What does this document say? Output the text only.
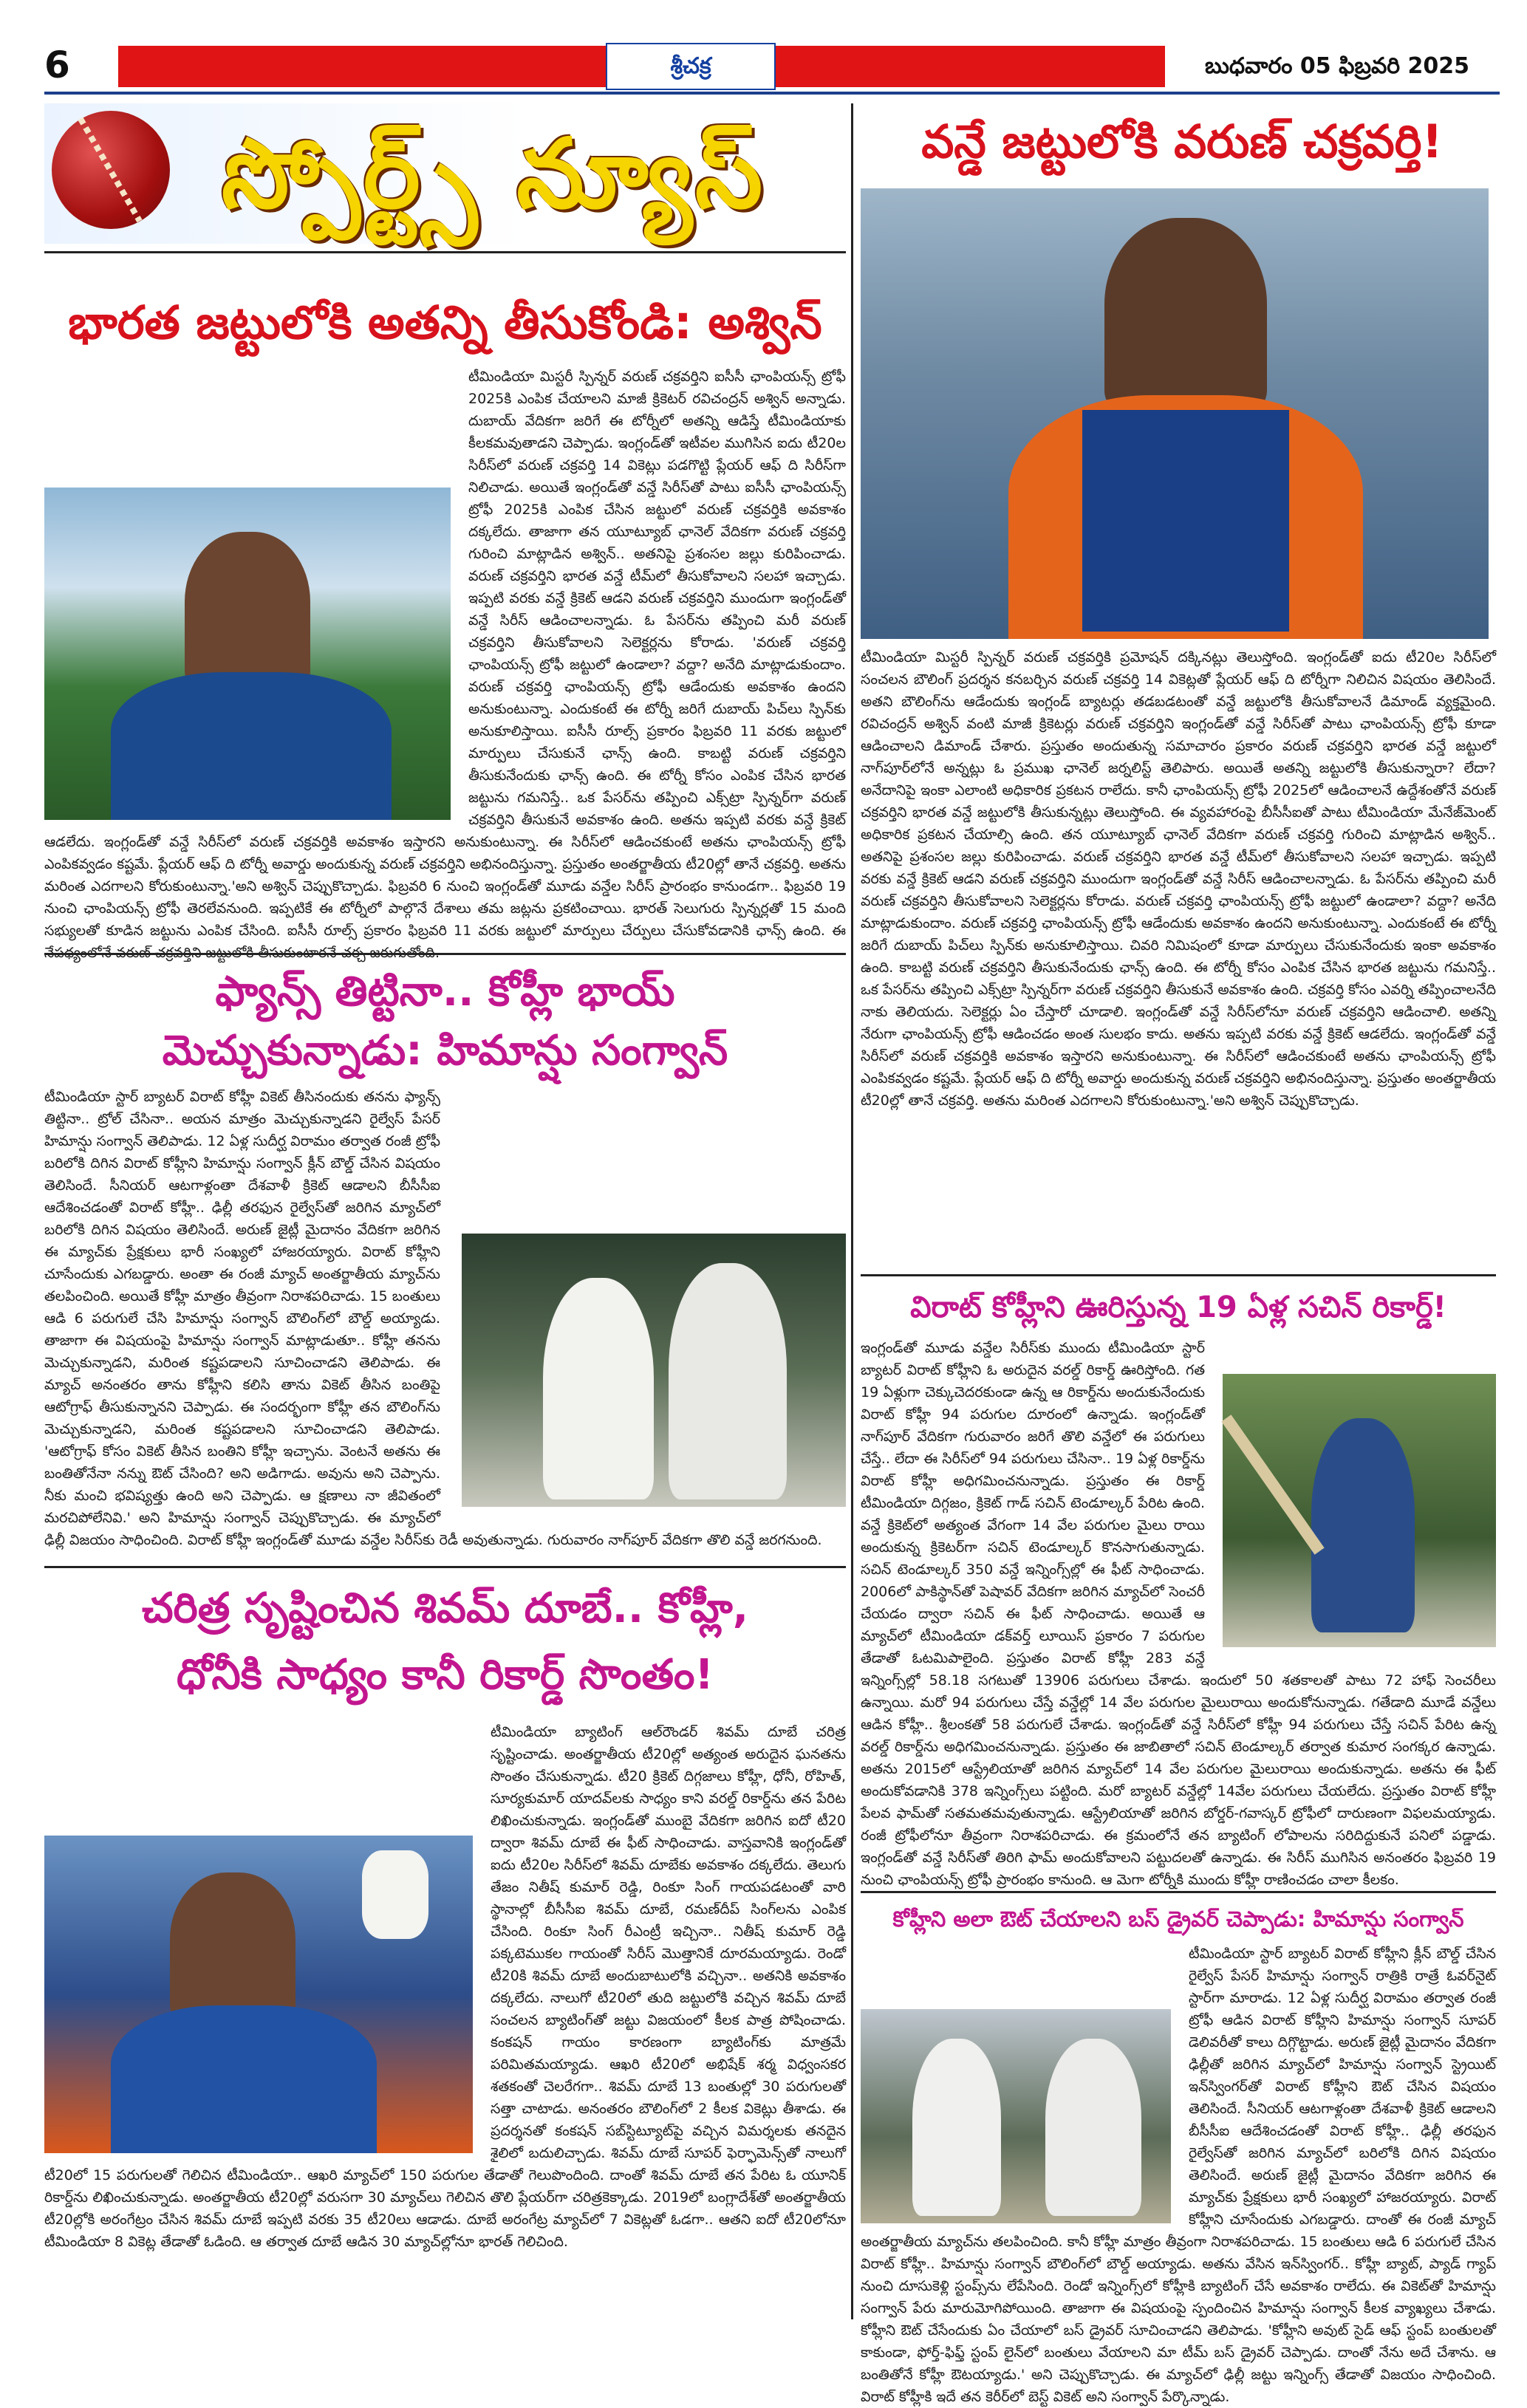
6	శ్రీచక్ర	బుధవారం 05 ఫిబ్రవరి 2025
స్పోర్ట్స్ న్యూస్	వన్డే జట్టులోకి వరుణ్ చక్రవర్తి!
టీమిండియా మిస్టరీ స్పిన్నర్ వరుణ్ చక్రవర్తికి ప్రమోషన్ దక్కినట్లు తెలుస్తోంది. ఇంగ్లండ్‌తో ఐదు టీ20ల సిరీస్‌లో సంచలన బౌలింగ్ ప్రదర్శన కనబర్చిన వరుణ్ చక్రవర్తి 14 వికెట్లతో ప్లేయర్ ఆఫ్ ది టోర్నీగా నిలిచిన విషయం తెలిసిందే. అతని బౌలింగ్‌ను ఆడేందుకు ఇంగ్లండ్ బ్యాటర్లు తడబడటంతో వన్డే జట్టులోకి తీసుకోవాలనే డిమాండ్ వ్యక్తమైంది. రవిచంద్రన్ అశ్విన్ వంటి మాజీ క్రికెటర్లు వరుణ్ చక్రవర్తిని ఇంగ్లండ్‌తో వన్డే సిరీస్‌తో పాటు ఛాంపియన్స్ ట్రోఫీ కూడా ఆడించాలని డిమాండ్ చేశారు. ప్రస్తుతం అందుతున్న సమాచారం ప్రకారం వరుణ్ చక్రవర్తిని భారత వన్డే జట్టులో నాగ్‌పూర్‌లోనే అన్నట్లు ఓ ప్రముఖ ఛానెల్ జర్నలిస్ట్ తెలిపారు. అయితే అతన్ని జట్టులోకి తీసుకున్నారా? లేదా? అనేదానిపై ఇంకా ఎలాంటి అధికారిక ప్రకటన రాలేదు. కానీ ఛాంపియన్స్ ట్రోఫీ 2025లో ఆడించాలనే ఉద్దేశంతోనే వరుణ్ చక్రవర్తిని భారత వన్డే జట్టులోకి తీసుకున్నట్లు తెలుస్తోంది. ఈ వ్యవహారంపై బీసీసీఐతో పాటు టీమిండియా మేనేజ్‌మెంట్ అధికారిక ప్రకటన చేయాల్సి ఉంది. తన యూట్యూబ్ ఛానెల్ వేదికగా వరుణ్ చక్రవర్తి గురించి మాట్లాడిన అశ్విన్.. అతనిపై ప్రశంసల జల్లు కురిపించాడు. వరుణ్ చక్రవర్తిని భారత వన్డే టీమ్‌లో తీసుకోవాలని సలహా ఇచ్చాడు. ఇప్పటి వరకు వన్డే క్రికెట్ ఆడని వరుణ్ చక్రవర్తిని ముందుగా ఇంగ్లండ్‌తో వన్డే సిరీస్ ఆడించాలన్నాడు. ఓ పేసర్‌ను తప్పించి మరీ వరుణ్ చక్రవర్తిని తీసుకోవాలని సెలెక్టర్లను కోరాడు. వరుణ్ చక్రవర్తి ఛాంపియన్స్ ట్రోఫీ జట్టులో ఉండాలా? వద్దా? అనేది మాట్లాడుకుందాం. వరుణ్ చక్రవర్తి ఛాంపియన్స్ ట్రోఫీ ఆడేందుకు అవకాశం ఉందని అనుకుంటున్నా. ఎందుకంటే ఈ టోర్నీ జరిగే దుబాయ్ పిచ్‌లు స్పిన్‌కు అనుకూలిస్తాయి. చివరి నిమిషంలో కూడా మార్పులు చేసుకునేందుకు ఇంకా అవకాశం ఉంది. కాబట్టి వరుణ్ చక్రవర్తిని తీసుకునేందుకు ఛాన్స్ ఉంది. ఈ టోర్నీ కోసం ఎంపిక చేసిన భారత జట్టును గమనిస్తే.. ఒక పేసర్‌ను తప్పించి ఎక్స్‌ట్రా స్పిన్నర్‌గా వరుణ్ చక్రవర్తిని తీసుకునే అవకాశం ఉంది. చక్రవర్తి కోసం ఎవర్ని తప్పించాలనేది నాకు తెలియదు. సెలెక్టర్లు ఏం చేస్తారో చూడాలి. ఇంగ్లండ్‌తో వన్డే సిరీస్‌లోనూ వరుణ్ చక్రవర్తిని ఆడించాలి. అతన్ని నేరుగా ఛాంపియన్స్ ట్రోఫీ ఆడించడం అంత సులభం కాదు. అతను ఇప్పటి వరకు వన్డే క్రికెట్ ఆడలేదు. ఇంగ్లండ్‌తో వన్డే సిరీస్‌లో వరుణ్ చక్రవర్తికి అవకాశం ఇస్తారని అనుకుంటున్నా. ఈ సిరీస్‌లో ఆడించకుంటే అతను ఛాంపియన్స్ ట్రోఫీ ఎంపికవ్వడం కష్టమే. ప్లేయర్ ఆఫ్ ది టోర్నీ అవార్డు అందుకున్న వరుణ్ చక్రవర్తిని అభినందిస్తున్నా. ప్రస్తుతం అంతర్జాతీయ టీ20ల్లో తానే చక్రవర్తి. అతను మరింత ఎదగాలని కోరుకుంటున్నా.'అని అశ్విన్ చెప్పుకొచ్చాడు.
భారత జట్టులోకి అతన్ని తీసుకోండి: అశ్విన్
టీమిండియా మిస్టరీ స్పిన్నర్ వరుణ్ చక్రవర్తిని ఐసీసీ ఛాంపియన్స్ ట్రోఫీ 2025కి ఎంపిక చేయాలని మాజీ క్రికెటర్ రవిచంద్రన్ అశ్విన్ అన్నాడు. దుబాయ్ వేదికగా జరిగే ఈ టోర్నీలో అతన్ని ఆడిస్తే టీమిండియాకు కీలకమవుతాడని చెప్పాడు. ఇంగ్లండ్‌తో ఇటీవల ముగిసిన ఐదు టీ20ల సిరీస్‌లో వరుణ్ చక్రవర్తి 14 వికెట్లు పడగొట్టి ప్లేయర్ ఆఫ్ ది సిరీస్‌గా నిలిచాడు. అయితే ఇంగ్లండ్‌తో వన్డే సిరీస్‌తో పాటు ఐసీసీ ఛాంపియన్స్ ట్రోఫీ 2025కి ఎంపిక చేసిన జట్టులో వరుణ్ చక్రవర్తికి అవకాశం దక్కలేదు. తాజాగా తన యూట్యూబ్ ఛానెల్ వేదికగా వరుణ్ చక్రవర్తి గురించి మాట్లాడిన అశ్విన్.. అతనిపై ప్రశంసల జల్లు కురిపించాడు. వరుణ్ చక్రవర్తిని భారత వన్డే టీమ్‌లో తీసుకోవాలని సలహా ఇచ్చాడు. ఇప్పటి వరకు వన్డే క్రికెట్ ఆడని వరుణ్ చక్రవర్తిని ముందుగా ఇంగ్లండ్‌తో వన్డే సిరీస్ ఆడించాలన్నాడు. ఓ పేసర్‌ను తప్పించి మరీ వరుణ్ చక్రవర్తిని తీసుకోవాలని సెలెక్టర్లను కోరాడు. 'వరుణ్ చక్రవర్తి ఛాంపియన్స్ ట్రోఫీ జట్టులో ఉండాలా? వద్దా? అనేది మాట్లాడుకుందాం. వరుణ్ చక్రవర్తి ఛాంపియన్స్ ట్రోఫీ ఆడేందుకు అవకాశం ఉందని అనుకుంటున్నా. ఎందుకంటే ఈ టోర్నీ జరిగే దుబాయ్ పిచ్‌లు స్పిన్‌కు అనుకూలిస్తాయి. ఐసీసీ రూల్స్ ప్రకారం ఫిబ్రవరి 11 వరకు జట్టులో మార్పులు చేసుకునే ఛాన్స్ ఉంది. కాబట్టి వరుణ్ చక్రవర్తిని తీసుకునేందుకు ఛాన్స్ ఉంది. ఈ టోర్నీ కోసం ఎంపిక చేసిన భారత జట్టును గమనిస్తే.. ఒక పేసర్‌ను తప్పించి ఎక్స్‌ట్రా స్పిన్నర్‌గా వరుణ్ చక్రవర్తిని తీసుకునే అవకాశం ఉంది. అతను ఇప్పటి వరకు వన్డే క్రికెట్ ఆడలేదు. ఇంగ్లండ్‌తో వన్డే సిరీస్‌లో వరుణ్ చక్రవర్తికి అవకాశం ఇస్తారని అనుకుంటున్నా. ఈ సిరీస్‌లో ఆడించకుంటే అతను ఛాంపియన్స్ ట్రోఫీ ఎంపికవ్వడం కష్టమే. ప్లేయర్ ఆఫ్ ది టోర్నీ అవార్డు అందుకున్న వరుణ్ చక్రవర్తిని అభినందిస్తున్నా. ప్రస్తుతం అంతర్జాతీయ టీ20ల్లో తానే చక్రవర్తి. అతను మరింత ఎదగాలని కోరుకుంటున్నా.'అని అశ్విన్ చెప్పుకొచ్చాడు. ఫిబ్రవరి 6 నుంచి ఇంగ్లండ్‌తో మూడు వన్డేల సిరీస్ ప్రారంభం కానుండగా.. ఫిబ్రవరి 19 నుంచి ఛాంపియన్స్ ట్రోఫీ తెరలేవనుంది. ఇప్పటికే ఈ టోర్నీలో పాల్గొనే దేశాలు తమ జట్లను ప్రకటించాయి. భారత్ సెలుగురు స్పిన్నర్లతో 15 మంది సభ్యులతో కూడిన జట్టును ఎంపిక చేసింది. ఐసీసీ రూల్స్ ప్రకారం ఫిబ్రవరి 11 వరకు జట్టులో మార్పులు చేర్పులు చేసుకోవడానికి ఛాన్స్ ఉంది. ఈ
ఫ్యాన్స్ తిట్టినా.. కోహ్లీ భాయ్
మెచ్చుకున్నాడు: హిమాన్షు సంగ్వాన్
టీమిండియా స్టార్ బ్యాటర్ విరాట్ కోహ్లీ వికెట్ తీసినందుకు తనను ఫ్యాన్స్ తిట్టినా.. ట్రోల్ చేసినా.. అయన మాత్రం మెచ్చుకున్నాడని రైల్వేస్ పేసర్ హిమాన్షు సంగ్వాన్ తెలిపాడు. 12 ఏళ్ల సుదీర్ఘ విరామం తర్వాత రంజీ ట్రోఫీ బరిలోకి దిగిన విరాట్ కోహ్లీని హిమాన్షు సంగ్వాన్ క్లీన్ బౌల్డ్ చేసిన విషయం తెలిసిందే. సీనియర్ ఆటగాళ్లంతా దేశవాళీ క్రికెట్ ఆడాలని బీసీసీఐ ఆదేశించడంతో విరాట్ కోహ్లీ.. ఢిల్లీ తరఫున రైల్వేస్‌తో జరిగిన మ్యాచ్‌లో బరిలోకి దిగిన విషయం తెలిసిందే. అరుణ్ జైట్లీ మైదానం వేదికగా జరిగిన ఈ మ్యాచ్‌కు ప్రేక్షకులు భారీ సంఖ్యలో హాజరయ్యారు. విరాట్ కోహ్లీని చూసేందుకు ఎగబడ్డారు. అంతా ఈ రంజీ మ్యాచ్ అంతర్జాతీయ మ్యాచ్‌ను తలపించింది. అయితే కోహ్లీ మాత్రం తీవ్రంగా నిరాశపరిచాడు. 15 బంతులు ఆడి 6 పరుగులే చేసి హిమాన్షు సంగ్వాన్ బౌలింగ్‌లో బౌల్డ్ అయ్యాడు. తాజాగా ఈ విషయంపై హిమాన్షు సంగ్వాన్ మాట్లాడుతూ.. కోహ్లీ తనను మెచ్చుకున్నాడని, మరింత కష్టపడాలని సూచించాడని తెలిపాడు. ఈ మ్యాచ్ అనంతరం తాను కోహ్లీని కలిసి తాను వికెట్ తీసిన బంతిపై ఆటోగ్రాఫ్ తీసుకున్నానని చెప్పాడు. ఈ సందర్భంగా కోహ్లీ తన బౌలింగ్‌ను మెచ్చుకున్నాడని, మరింత కష్టపడాలని సూచించాడని తెలిపాడు. 'ఆటోగ్రాఫ్ కోసం వికెట్ తీసిన బంతిని కోహ్లీ ఇచ్చాను. వెంటనే అతను ఈ బంతితోనేనా నన్ను ఔట్ చేసింది? అని అడిగాడు. అవును అని చెప్పాను. నీకు మంచి భవిష్యత్తు ఉంది అని చెప్పాడు. ఆ క్షణాలు నా జీవితంలో మరచిపోలేనివి.' అని హిమాన్షు సంగ్వాన్ చెప్పుకొచ్చాడు. ఈ మ్యాచ్‌లో ఢిల్లీ విజయం సాధించింది. విరాట్ కోహ్లీ ఇంగ్లండ్‌తో మూడు వన్డేల సిరీస్‌కు రెడీ అవుతున్నాడు. గురువారం నాగ్‌పూర్ వేదికగా తొలి వన్డే జరగనుంది.
చరిత్ర సృష్టించిన శివమ్ దూబే.. కోహ్లీ,
ధోనీకి సాధ్యం కానీ రికార్డ్ సొంతం!
టీమిండియా బ్యాటింగ్ ఆల్‌రౌండర్ శివమ్ దూబే చరిత్ర సృష్టించాడు. అంతర్జాతీయ టీ20ల్లో అత్యంత అరుదైన ఘనతను సొంతం చేసుకున్నాడు. టీ20 క్రికెట్ దిగ్గజాలు కోహ్లీ, ధోనీ, రోహిత్, సూర్యకుమార్ యాదవ్‌లకు సాధ్యం కాని వరల్డ్ రికార్డ్‌ను తన పేరిట లిఖించుకున్నాడు. ఇంగ్లండ్‌తో ముంబై వేదికగా జరిగిన ఐదో టీ20 ద్వారా శివమ్ దూబే ఈ ఫీట్ సాధించాడు. వాస్తవానికి ఇంగ్లండ్‌తో ఐదు టీ20ల సిరీస్‌లో శివమ్ దూబేకు అవకాశం దక్కలేదు. తెలుగు తేజం నితీష్ కుమార్ రెడ్డి, రింకూ సింగ్ గాయపడటంతో వారి స్థానాల్లో బీసీసీఐ శివమ్ దూబే, రమణ్‌దీప్ సింగ్‌లను ఎంపిక చేసింది. రింకూ సింగ్ రీఎంట్రీ ఇచ్చినా.. నితీష్ కుమార్ రెడ్డి పక్కటెముకల గాయంతో సిరీస్ మొత్తానికే దూరమయ్యాడు. రెండో టీ20కి శివమ్ దూబే అందుబాటులోకి వచ్చినా.. అతనికి అవకాశం దక్కలేదు. నాలుగో టీ20లో తుది జట్టులోకి వచ్చిన శివమ్ దూబే సంచలన బ్యాటింగ్‌తో జట్టు విజయంలో కీలక పాత్ర పోషించాడు. కంకషన్ గాయం కారణంగా బ్యాటింగ్‌కు మాత్రమే పరిమితమయ్యాడు. ఆఖరి టీ20లో అభిషేక్ శర్మ విధ్వంసకర శతకంతో చెలరేగగా.. శివమ్ దూబే 13 బంతుల్లో 30 పరుగులతో సత్తా చాటాడు. అనంతరం బౌలింగ్‌లో 2 కీలక వికెట్లు తీశాడు. ఈ ప్రదర్శనతో కంకషన్ సబ్‌స్టిట్యూట్‌పై వచ్చిన విమర్శలకు తనదైన శైలిలో బదులిచ్చాడు. శివమ్ దూబే సూపర్ ఫెర్ఫామెన్స్‌తో నాలుగో టీ20లో 15 పరుగులతో గెలిచిన టీమిండియా.. ఆఖరి మ్యాచ్‌లో 150 పరుగుల తేడాతో గెలుపొందింది. దాంతో శివమ్ దూబే తన పేరిట ఓ యూనిక్ రికార్డ్‌ను లిఖించుకున్నాడు. అంతర్జాతీయ టీ20ల్లో వరుసగా 30 మ్యాచ్‌లు గెలిచిన తొలి ప్లేయర్‌గా చరిత్రకెక్కాడు. 2019లో బంగ్లాదేశ్‌తో అంతర్జాతీయ టీ20ల్లోకి అరంగేట్రం చేసిన శివమ్ దూబే ఇప్పటి వరకు 35 టీ20లు ఆడాడు. దూబే అరంగేట్ర మ్యాచ్‌లో 7 వికెట్లతో ఓడగా.. ఆతని ఐదో టీ20లోనూ టీమిండియా 8 వికెట్ల తేడాతో ఓడింది. ఆ తర్వాత దూబే ఆడిన 30 మ్యాచ్‌ల్లోనూ భారత్ గెలిచింది.
విరాట్ కోహ్లీని ఊరిస్తున్న 19 ఏళ్ల సచిన్ రికార్డ్!
ఇంగ్లండ్‌తో మూడు వన్డేల సిరీస్‌కు ముందు టీమిండియా స్టార్ బ్యాటర్ విరాట్ కోహ్లీని ఓ అరుదైన వరల్డ్ రికార్డ్ ఊరిస్తోంది. గత 19 ఏళ్లుగా చెక్కుచెదరకుండా ఉన్న ఆ రికార్డ్‌ను అందుకునేందుకు విరాట్ కోహ్లీ 94 పరుగుల దూరంలో ఉన్నాడు. ఇంగ్లండ్‌తో నాగ్‌పూర్ వేదికగా గురువారం జరిగే తొలి వన్డేలో ఈ పరుగులు చేస్తే.. లేదా ఈ సిరీస్‌లో 94 పరుగులు చేసినా.. 19 ఏళ్ల రికార్డ్‌ను విరాట్ కోహ్లీ అధిగమించనున్నాడు. ప్రస్తుతం ఈ రికార్డ్ టీమిండియా దిగ్గజం, క్రికెట్ గాడ్ సచిన్ టెండూల్కర్ పేరిట ఉంది. వన్డే క్రికెట్‌లో అత్యంత వేగంగా 14 వేల పరుగుల మైలు రాయి అందుకున్న క్రికెటర్‌గా సచిన్ టెండూల్కర్ కొనసాగుతున్నాడు. సచిన్ టెండూల్కర్ 350 వన్డే ఇన్నింగ్స్‌ల్లో ఈ ఫీట్ సాధించాడు. 2006లో పాకిస్థాన్‌తో పెషావర్ వేదికగా జరిగిన మ్యాచ్‌లో సెంచరీ చేయడం ద్వారా సచిన్ ఈ ఫీట్ సాధించాడు. అయితే ఆ మ్యాచ్‌లో టీమిండియా డక్‌వర్త్ లూయిస్ ప్రకారం 7 పరుగుల తేడాతో ఓటమిపాలైంది. ప్రస్తుతం విరాట్ కోహ్లీ 283 వన్డే ఇన్నింగ్స్‌ల్లో 58.18 సగటుతో 13906 పరుగులు చేశాడు. ఇందులో 50 శతకాలతో పాటు 72 హాఫ్ సెంచరీలు ఉన్నాయి. మరో 94 పరుగులు చేస్తే వన్డేల్లో 14 వేల పరుగుల మైలురాయి అందుకోనున్నాడు. గతేడాది మూడే వన్డేలు ఆడిన కోహ్లీ.. శ్రీలంకతో 58 పరుగులే చేశాడు. ఇంగ్లండ్‌తో వన్డే సిరీస్‌లో కోహ్లీ 94 పరుగులు చేస్తే సచిన్ పేరిట ఉన్న వరల్డ్ రికార్డ్‌ను అధిగమించనున్నాడు. ప్రస్తుతం ఈ జాబితాలో సచిన్ టెండూల్కర్ తర్వాత కుమార సంగక్కర ఉన్నాడు. అతను 2015లో ఆస్ట్రేలియాతో జరిగిన మ్యాచ్‌లో 14 వేల పరుగుల మైలురాయి అందుకున్నాడు. అతను ఈ ఫీట్ అందుకోవడానికి 378 ఇన్నింగ్స్‌లు పట్టింది. మరో బ్యాటర్ వన్డేల్లో 14వేల పరుగులు చేయలేదు. ప్రస్తుతం విరాట్ కోహ్లీ పేలవ ఫామ్‌తో సతమతమవుతున్నాడు. ఆస్ట్రేలియాతో జరిగిన బోర్డర్-గవాస్కర్ ట్రోఫీలో దారుణంగా విఫలమయ్యాడు. రంజీ ట్రోఫీలోనూ తీవ్రంగా నిరాశపరిచాడు. ఈ క్రమంలోనే తన బ్యాటింగ్ లోపాలను సరిదిద్దుకునే పనిలో పడ్డాడు. ఇంగ్లండ్‌తో వన్డే సిరీస్‌తో తిరిగి ఫామ్ అందుకోవాలని పట్టుదలతో ఉన్నాడు. ఈ సిరీస్ ముగిసిన అనంతరం ఫిబ్రవరి 19 నుంచి ఛాంపియన్స్ ట్రోఫీ ప్రారంభం కానుంది. ఆ మెగా టోర్నీకి ముందు కోహ్లీ రాణించడం చాలా కీలకం.
కోహ్లీని అలా ఔట్ చేయాలని బస్ డ్రైవర్ చెప్పాడు: హిమాన్షు సంగ్వాన్
టీమిండియా స్టార్ బ్యాటర్ విరాట్ కోహ్లీని క్లీన్ బౌల్డ్ చేసిన రైల్వేస్ పేసర్ హిమాన్షు సంగ్వాన్ రాత్రికి రాత్రే ఓవర్‌నైట్ స్టార్‌గా మారాడు. 12 ఏళ్ల సుదీర్ఘ విరామం తర్వాత రంజీ ట్రోఫీ ఆడిన విరాట్ కోహ్లీని హిమాన్షు సంగ్వాన్ సూపర్ డెలివరీతో కాలు దిగ్గొట్టాడు. అరుణ్ జైట్లీ మైదానం వేదికగా ఢిల్లీతో జరిగిన మ్యాచ్‌లో హిమాన్షు సంగ్వాన్ స్ట్రెయిట్ ఇన్‌స్వింగర్‌తో విరాట్ కోహ్లీని ఔట్ చేసిన విషయం తెలిసిందే. సీనియర్ ఆటగాళ్లంతా దేశవాళీ క్రికెట్ ఆడాలని బీసీసీఐ ఆదేశించడంతో విరాట్ కోహ్లీ.. ఢిల్లీ తరఫున రైల్వేస్‌తో జరిగిన మ్యాచ్‌లో బరిలోకి దిగిన విషయం తెలిసిందే. అరుణ్ జైట్లీ మైదానం వేదికగా జరిగిన ఈ మ్యాచ్‌కు ప్రేక్షకులు భారీ సంఖ్యలో హాజరయ్యారు. విరాట్ కోహ్లీని చూసేందుకు ఎగబడ్డారు. దాంతో ఈ రంజీ మ్యాచ్ అంతర్జాతీయ మ్యాచ్‌ను తలపించింది. కానీ కోహ్లీ మాత్రం తీవ్రంగా నిరాశపరిచాడు. 15 బంతులు ఆడి 6 పరుగులే చేసిన విరాట్ కోహ్లీ.. హిమాన్షు సంగ్వాన్ బౌలింగ్‌లో బౌల్డ్ అయ్యాడు. అతను వేసిన ఇన్‌స్వింగర్.. కోహ్లీ బ్యాట్, ప్యాడ్ గ్యాప్ నుంచి దూసుకెళ్లి స్టంప్స్‌ను లేపేసింది. రెండో ఇన్నింగ్స్‌లో కోహ్లీకి బ్యాటింగ్ చేసే అవకాశం రాలేదు. ఈ వికెట్‌తో హిమాన్షు సంగ్వాన్ పేరు మారుమోగిపోయింది. తాజాగా ఈ విషయంపై స్పందించిన హిమాన్షు సంగ్వాన్ కీలక వ్యాఖ్యలు చేశాడు. కోహ్లీని ఔట్ చేసేందుకు ఏం చేయాలో బస్ డ్రైవర్ సూచించాడని తెలిపాడు. 'కోహ్లీని అవుట్ సైడ్ ఆఫ్ స్టంప్ బంతులతో కాకుండా, ఫోర్త్-ఫిఫ్త్ స్టంప్ లైన్‌లో బంతులు వేయాలని మా టీమ్ బస్ డ్రైవర్ చెప్పాడు. దాంతో నేను అదే చేశాను. ఆ బంతితోనే కోహ్లీ ఔటయ్యాడు.' అని చెప్పుకొచ్చాడు. ఈ మ్యాచ్‌లో ఢిల్లీ జట్టు ఇన్నింగ్స్ తేడాతో విజయం సాధించింది. విరాట్ కోహ్లీకి ఇదే తన కెరీర్‌లో బెస్ట్ వికెట్ అని సంగ్వాన్ పేర్కొన్నాడు.
